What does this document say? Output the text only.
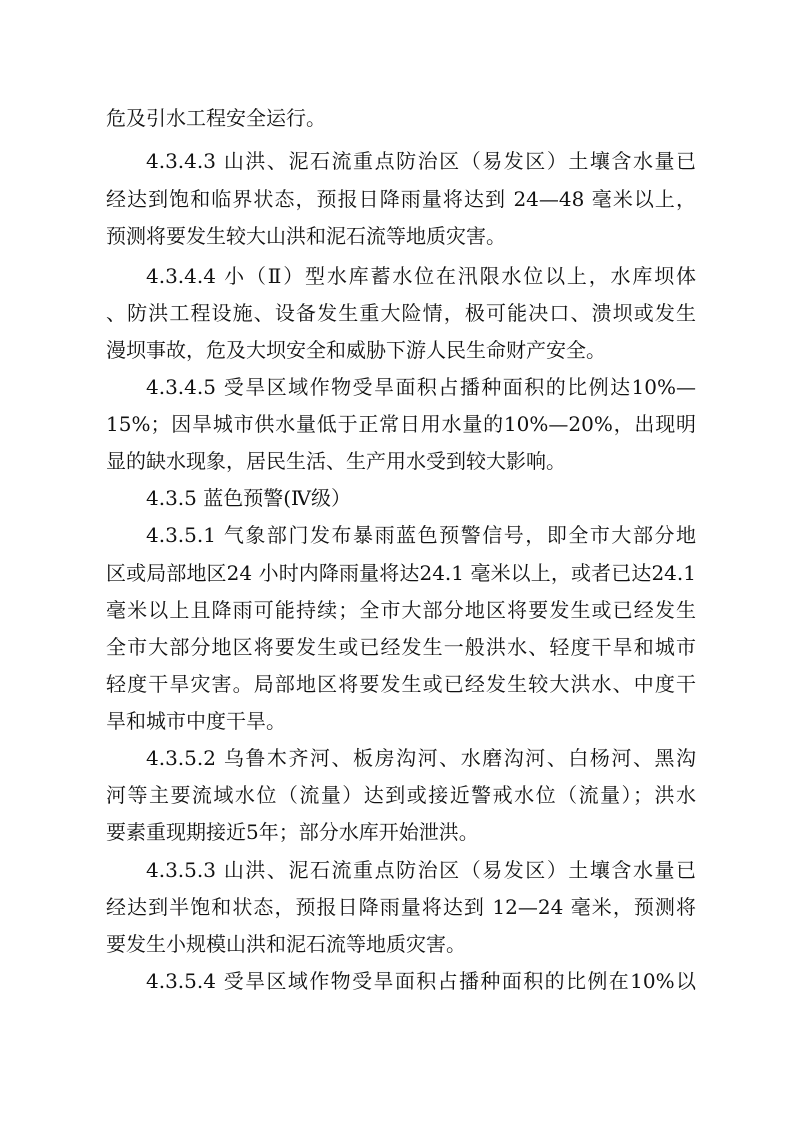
危及引水工程安全运行。
4.3.4.3 山洪、泥石流重点防治区（易发区）土壤含水量已
经达到饱和临界状态，预报日降雨量将达到 24—48 毫米以上，
预测将要发生较大山洪和泥石流等地质灾害。
4.3.4.4 小（Ⅱ）型水库蓄水位在汛限水位以上，水库坝体
、防洪工程设施、设备发生重大险情，极可能决口、溃坝或发生
漫坝事故，危及大坝安全和威胁下游人民生命财产安全。
4.3.4.5 受旱区域作物受旱面积占播种面积的比例达10%—
15%；因旱城市供水量低于正常日用水量的10%—20%，出现明
显的缺水现象，居民生活、生产用水受到较大影响。
4.3.5 蓝色预警(Ⅳ级）
4.3.5.1 气象部门发布暴雨蓝色预警信号，即全市大部分地
区或局部地区24 小时内降雨量将达24.1 毫米以上，或者已达24.1
毫米以上且降雨可能持续；全市大部分地区将要发生或已经发生
全市大部分地区将要发生或已经发生一般洪水、轻度干旱和城市
轻度干旱灾害。局部地区将要发生或已经发生较大洪水、中度干
旱和城市中度干旱。
4.3.5.2 乌鲁木齐河、板房沟河、水磨沟河、白杨河、黑沟
河等主要流域水位（流量）达到或接近警戒水位（流量）；洪水
要素重现期接近5年；部分水库开始泄洪。
4.3.5.3 山洪、泥石流重点防治区（易发区）土壤含水量已
经达到半饱和状态，预报日降雨量将达到 12—24 毫米，预测将
要发生小规模山洪和泥石流等地质灾害。
4.3.5.4 受旱区域作物受旱面积占播种面积的比例在10%以
